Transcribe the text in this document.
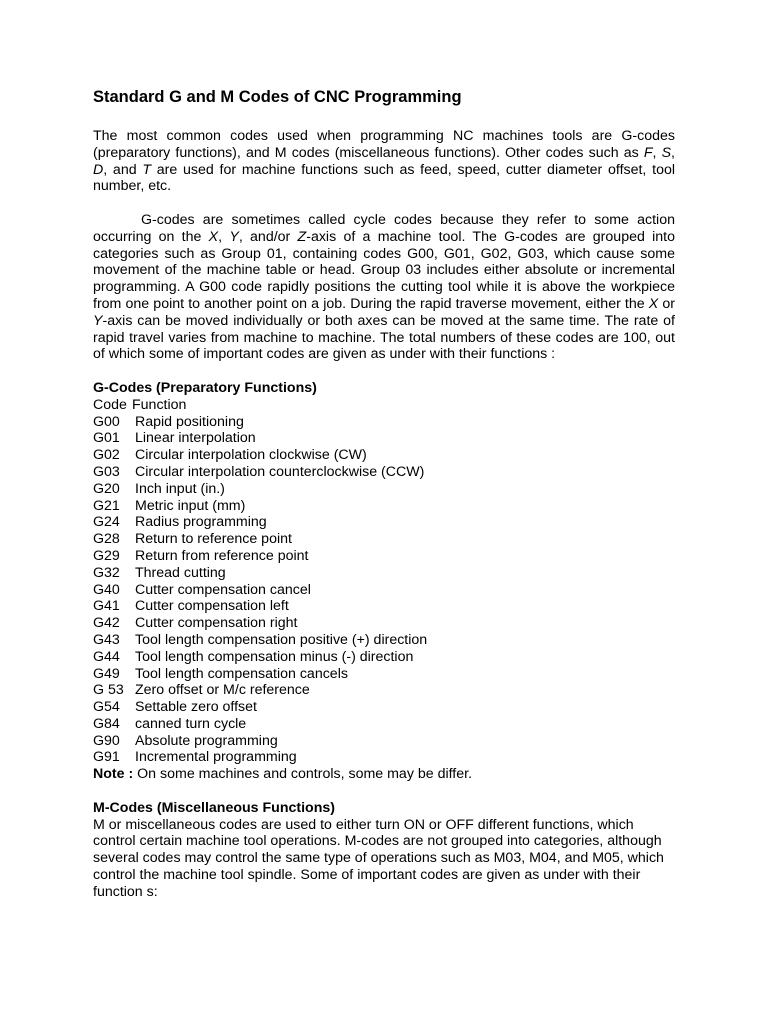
Standard G and M Codes of CNC Programming

The most common codes used when programming NC machines tools are G-codes (preparatory functions), and M codes (miscellaneous functions). Other codes such as F, S, D, and T are used for machine functions such as feed, speed, cutter diameter offset, tool number, etc.

G-codes are sometimes called cycle codes because they refer to some action occurring on the X, Y, and/or Z-axis of a machine tool. The G-codes are grouped into categories such as Group 01, containing codes G00, G01, G02, G03, which cause some movement of the machine table or head. Group 03 includes either absolute or incremental programming. A G00 code rapidly positions the cutting tool while it is above the workpiece from one point to another point on a job. During the rapid traverse movement, either the X or Y-axis can be moved individually or both axes can be moved at the same time. The rate of rapid travel varies from machine to machine. The total numbers of these codes are 100, out of which some of important codes are given as under with their functions :

G-Codes (Preparatory Functions)
Code Function
G00 Rapid positioning
G01 Linear interpolation
G02 Circular interpolation clockwise (CW)
G03 Circular interpolation counterclockwise (CCW)
G20 Inch input (in.)
G21 Metric input (mm)
G24 Radius programming
G28 Return to reference point
G29 Return from reference point
G32 Thread cutting
G40 Cutter compensation cancel
G41 Cutter compensation left
G42 Cutter compensation right
G43 Tool length compensation positive (+) direction
G44 Tool length compensation minus (-) direction
G49 Tool length compensation cancels
G 53 Zero offset or M/c reference
G54 Settable zero offset
G84 canned turn cycle
G90 Absolute programming
G91 Incremental programming
Note : On some machines and controls, some may be differ.
M-Codes (Miscellaneous Functions)

M or miscellaneous codes are used to either turn ON or OFF different functions, which control certain machine tool operations. M-codes are not grouped into categories, although several codes may control the same type of operations such as M03, M04, and M05, which control the machine tool spindle. Some of important codes are given as under with their function s:
